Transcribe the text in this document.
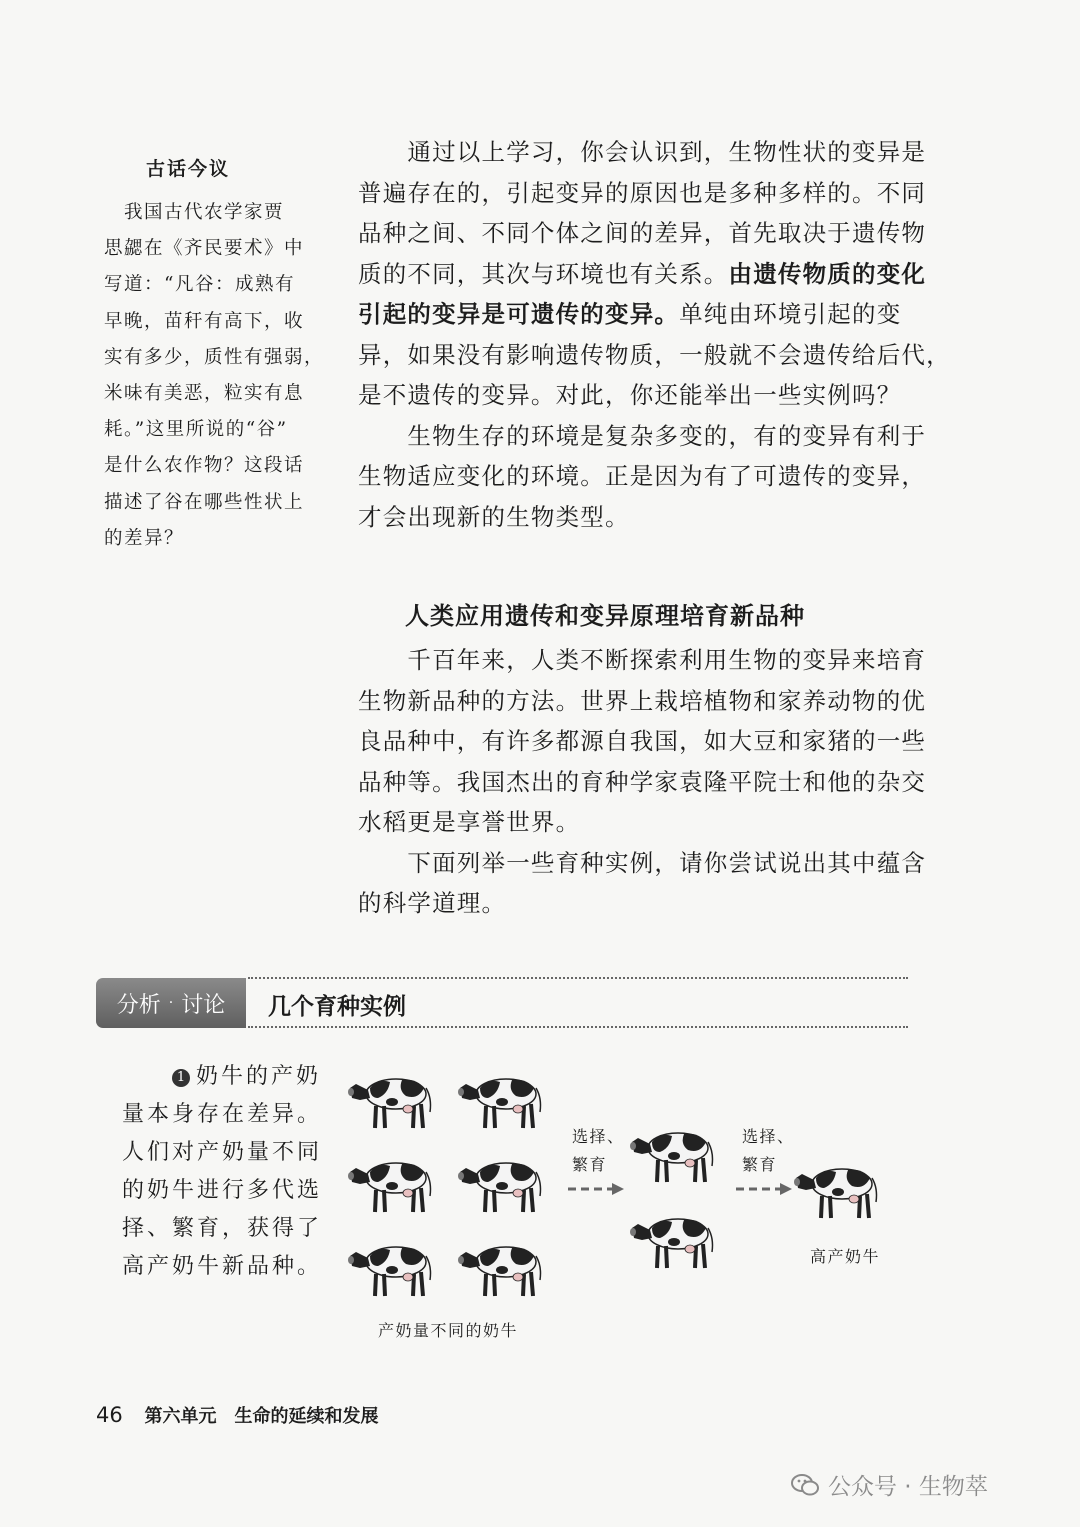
古话今议
　我国古代农学家贾
思勰在《齐民要术》中
写道：“凡谷：成熟有
早晚，苗秆有高下，收
实有多少，质性有强弱，
米味有美恶，粒实有息
耗。”这里所说的“谷”
是什么农作物？这段话
描述了谷在哪些性状上
的差异？
　　通过以上学习，你会认识到，生物性状的变异是
普遍存在的，引起变异的原因也是多种多样的。不同
品种之间、不同个体之间的差异，首先取决于遗传物
质的不同，其次与环境也有关系。由遗传物质的变化
引起的变异是可遗传的变异。单纯由环境引起的变
异，如果没有影响遗传物质，一般就不会遗传给后代，
是不遗传的变异。对此，你还能举出一些实例吗？
　　生物生存的环境是复杂多变的，有的变异有利于
生物适应变化的环境。正是因为有了可遗传的变异，
才会出现新的生物类型。
人类应用遗传和变异原理培育新品种
　　千百年来，人类不断探索利用生物的变异来培育
生物新品种的方法。世界上栽培植物和家养动物的优
良品种中，有许多都源自我国，如大豆和家猪的一些
品种等。我国杰出的育种学家袁隆平院士和他的杂交
水稻更是享誉世界。
　　下面列举一些育种实例，请你尝试说出其中蕴含
的科学道理。
分析 · 讨论 几个育种实例
1 奶牛的产奶
量本身存在差异。
人们对产奶量不同
的奶牛进行多代选
择、繁育，获得了
高产奶牛新品种。
选择、
繁育
选择、
繁育
产奶量不同的奶牛
高产奶牛
46 第六单元　生命的延续和发展
公众号 · 生物萃
